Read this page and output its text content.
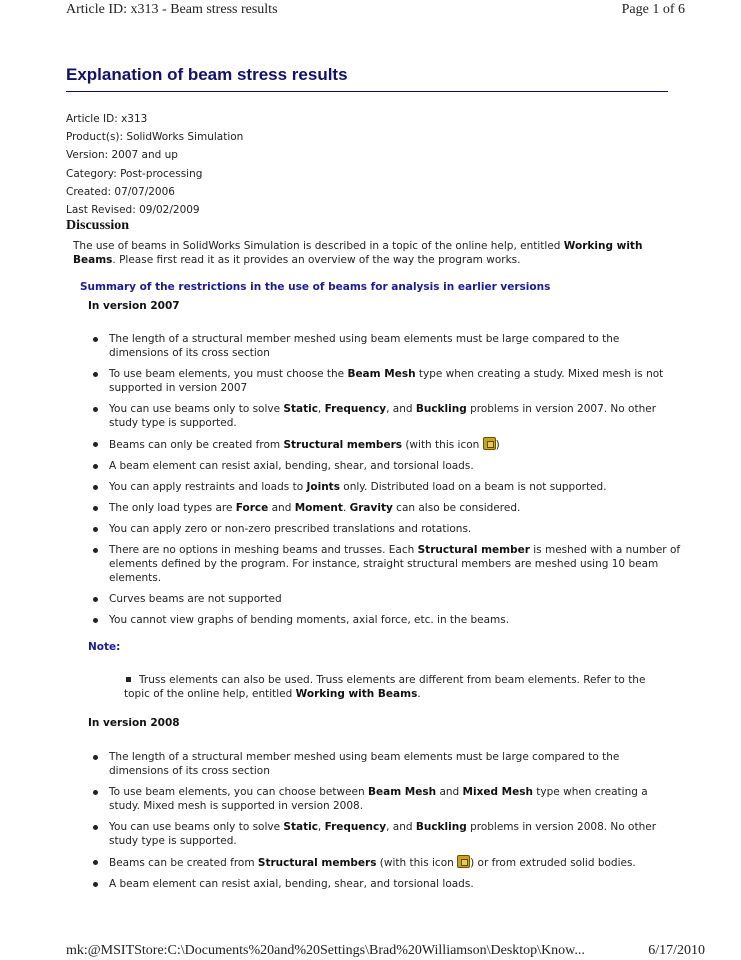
Article ID: x313 - Beam stress results	Page 1 of 6
Explanation of beam stress results
Article ID: x313
Product(s): SolidWorks Simulation
Version: 2007 and up
Category: Post-processing
Created: 07/07/2006
Last Revised: 09/02/2009
Discussion
The use of beams in SolidWorks Simulation is described in a topic of the online help, entitled Working with Beams. Please first read it as it provides an overview of the way the program works.
Summary of the restrictions in the use of beams for analysis in earlier versions
In version 2007
The length of a structural member meshed using beam elements must be large compared to the dimensions of its cross section
To use beam elements, you must choose the Beam Mesh type when creating a study. Mixed mesh is not supported in version 2007
You can use beams only to solve Static, Frequency, and Buckling problems in version 2007. No other study type is supported.
Beams can only be created from Structural members (with this icon )
A beam element can resist axial, bending, shear, and torsional loads.
You can apply restraints and loads to Joints only. Distributed load on a beam is not supported.
The only load types are Force and Moment. Gravity can also be considered.
You can apply zero or non-zero prescribed translations and rotations.
There are no options in meshing beams and trusses. Each Structural member is meshed with a number of elements defined by the program. For instance, straight structural members are meshed using 10 beam elements.
Curves beams are not supported
You cannot view graphs of bending moments, axial force, etc. in the beams.
Note:
Truss elements can also be used. Truss elements are different from beam elements. Refer to the topic of the online help, entitled Working with Beams.
In version 2008
The length of a structural member meshed using beam elements must be large compared to the dimensions of its cross section
To use beam elements, you can choose between Beam Mesh and Mixed Mesh type when creating a study. Mixed mesh is supported in version 2008.
You can use beams only to solve Static, Frequency, and Buckling problems in version 2008. No other study type is supported.
Beams can be created from Structural members (with this icon ) or from extruded solid bodies.
A beam element can resist axial, bending, shear, and torsional loads.
mk:@MSITStore:C:\Documents%20and%20Settings\Brad%20Williamson\Desktop\Know...	6/17/2010
